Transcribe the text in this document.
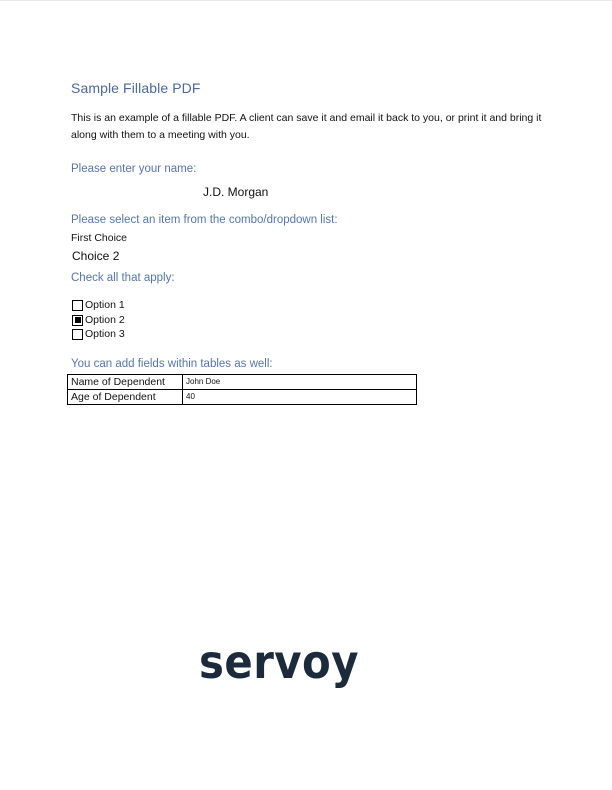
Sample Fillable PDF
This is an example of a fillable PDF. A client can save it and email it back to you, or print it and bring it along with them to a meeting with you.
Please enter your name:
J.D. Morgan
Please select an item from the combo/dropdown list:
First Choice
Choice 2
Check all that apply:
Option 1
Option 2
Option 3
You can add fields within tables as well:
Name of Dependent	John Doe
Age of Dependent	40
servoy
